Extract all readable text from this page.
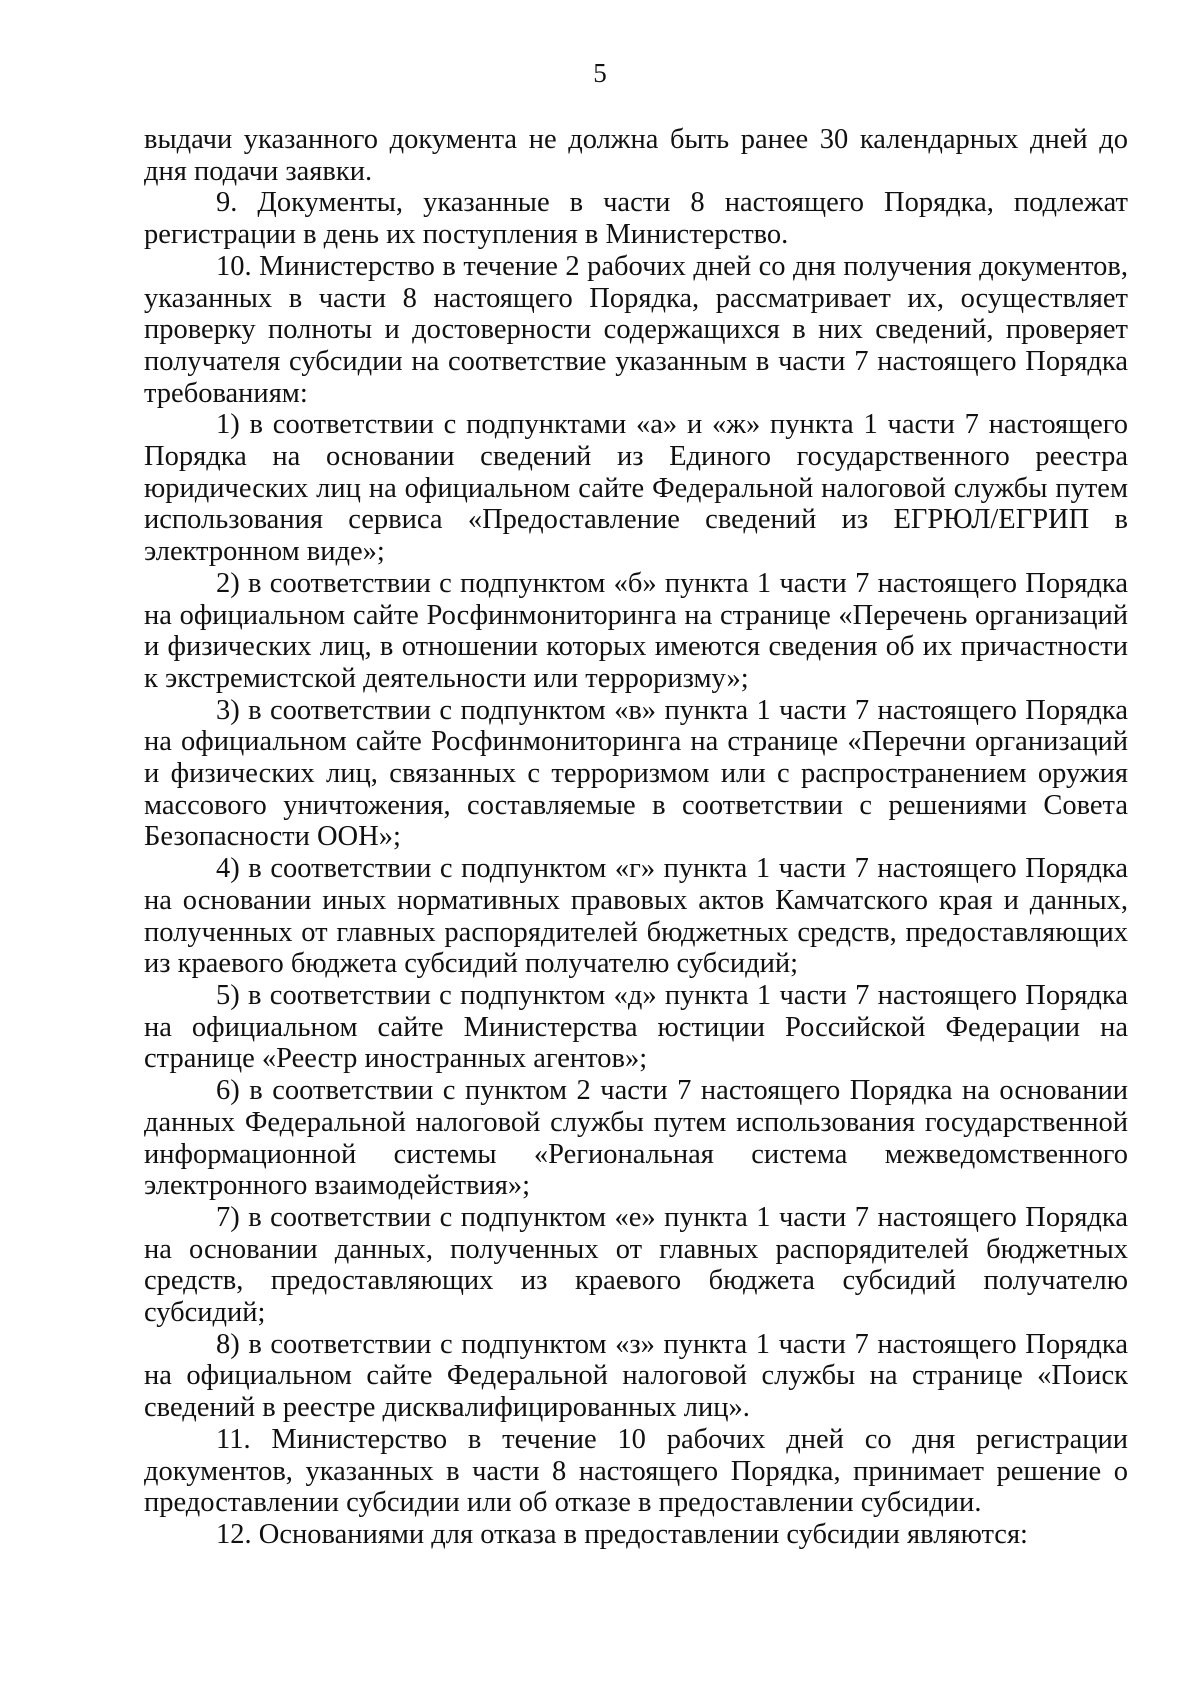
5

выдачи указанного документа не должна быть ранее 30 календарных дней до дня подачи заявки.

9. Документы, указанные в части 8 настоящего Порядка, подлежат регистрации в день их поступления в Министерство.

10. Министерство в течение 2 рабочих дней со дня получения документов, указанных в части 8 настоящего Порядка, рассматривает их, осуществляет проверку полноты и достоверности содержащихся в них сведений, проверяет получателя субсидии на соответствие указанным в части 7 настоящего Порядка требованиям:

1) в соответствии с подпунктами «а» и «ж» пункта 1 части 7 настоящего Порядка на основании сведений из Единого государственного реестра юридических лиц на официальном сайте Федеральной налоговой службы путем использования сервиса «Предоставление сведений из ЕГРЮЛ/ЕГРИП в электронном виде»;

2) в соответствии с подпунктом «б» пункта 1 части 7 настоящего Порядка на официальном сайте Росфинмониторинга на странице «Перечень организаций и физических лиц, в отношении которых имеются сведения об их причастности к экстремистской деятельности или терроризму»;

3) в соответствии с подпунктом «в» пункта 1 части 7 настоящего Порядка на официальном сайте Росфинмониторинга на странице «Перечни организаций и физических лиц, связанных с терроризмом или с распространением оружия массового уничтожения, составляемые в соответствии с решениями Совета Безопасности ООН»;

4) в соответствии с подпунктом «г» пункта 1 части 7 настоящего Порядка на основании иных нормативных правовых актов Камчатского края и данных, полученных от главных распорядителей бюджетных средств, предоставляющих из краевого бюджета субсидий получателю субсидий;

5) в соответствии с подпунктом «д» пункта 1 части 7 настоящего Порядка на официальном сайте Министерства юстиции Российской Федерации на странице «Реестр иностранных агентов»;

6) в соответствии с пунктом 2 части 7 настоящего Порядка на основании данных Федеральной налоговой службы путем использования государственной информационной системы «Региональная система межведомственного электронного взаимодействия»;

7) в соответствии с подпунктом «е» пункта 1 части 7 настоящего Порядка на основании данных, полученных от главных распорядителей бюджетных средств, предоставляющих из краевого бюджета субсидий получателю субсидий;

8) в соответствии с подпунктом «з» пункта 1 части 7 настоящего Порядка на официальном сайте Федеральной налоговой службы на странице «Поиск сведений в реестре дисквалифицированных лиц».

11. Министерство в течение 10 рабочих дней со дня регистрации документов, указанных в части 8 настоящего Порядка, принимает решение о предоставлении субсидии или об отказе в предоставлении субсидии.

12. Основаниями для отказа в предоставлении субсидии являются:
